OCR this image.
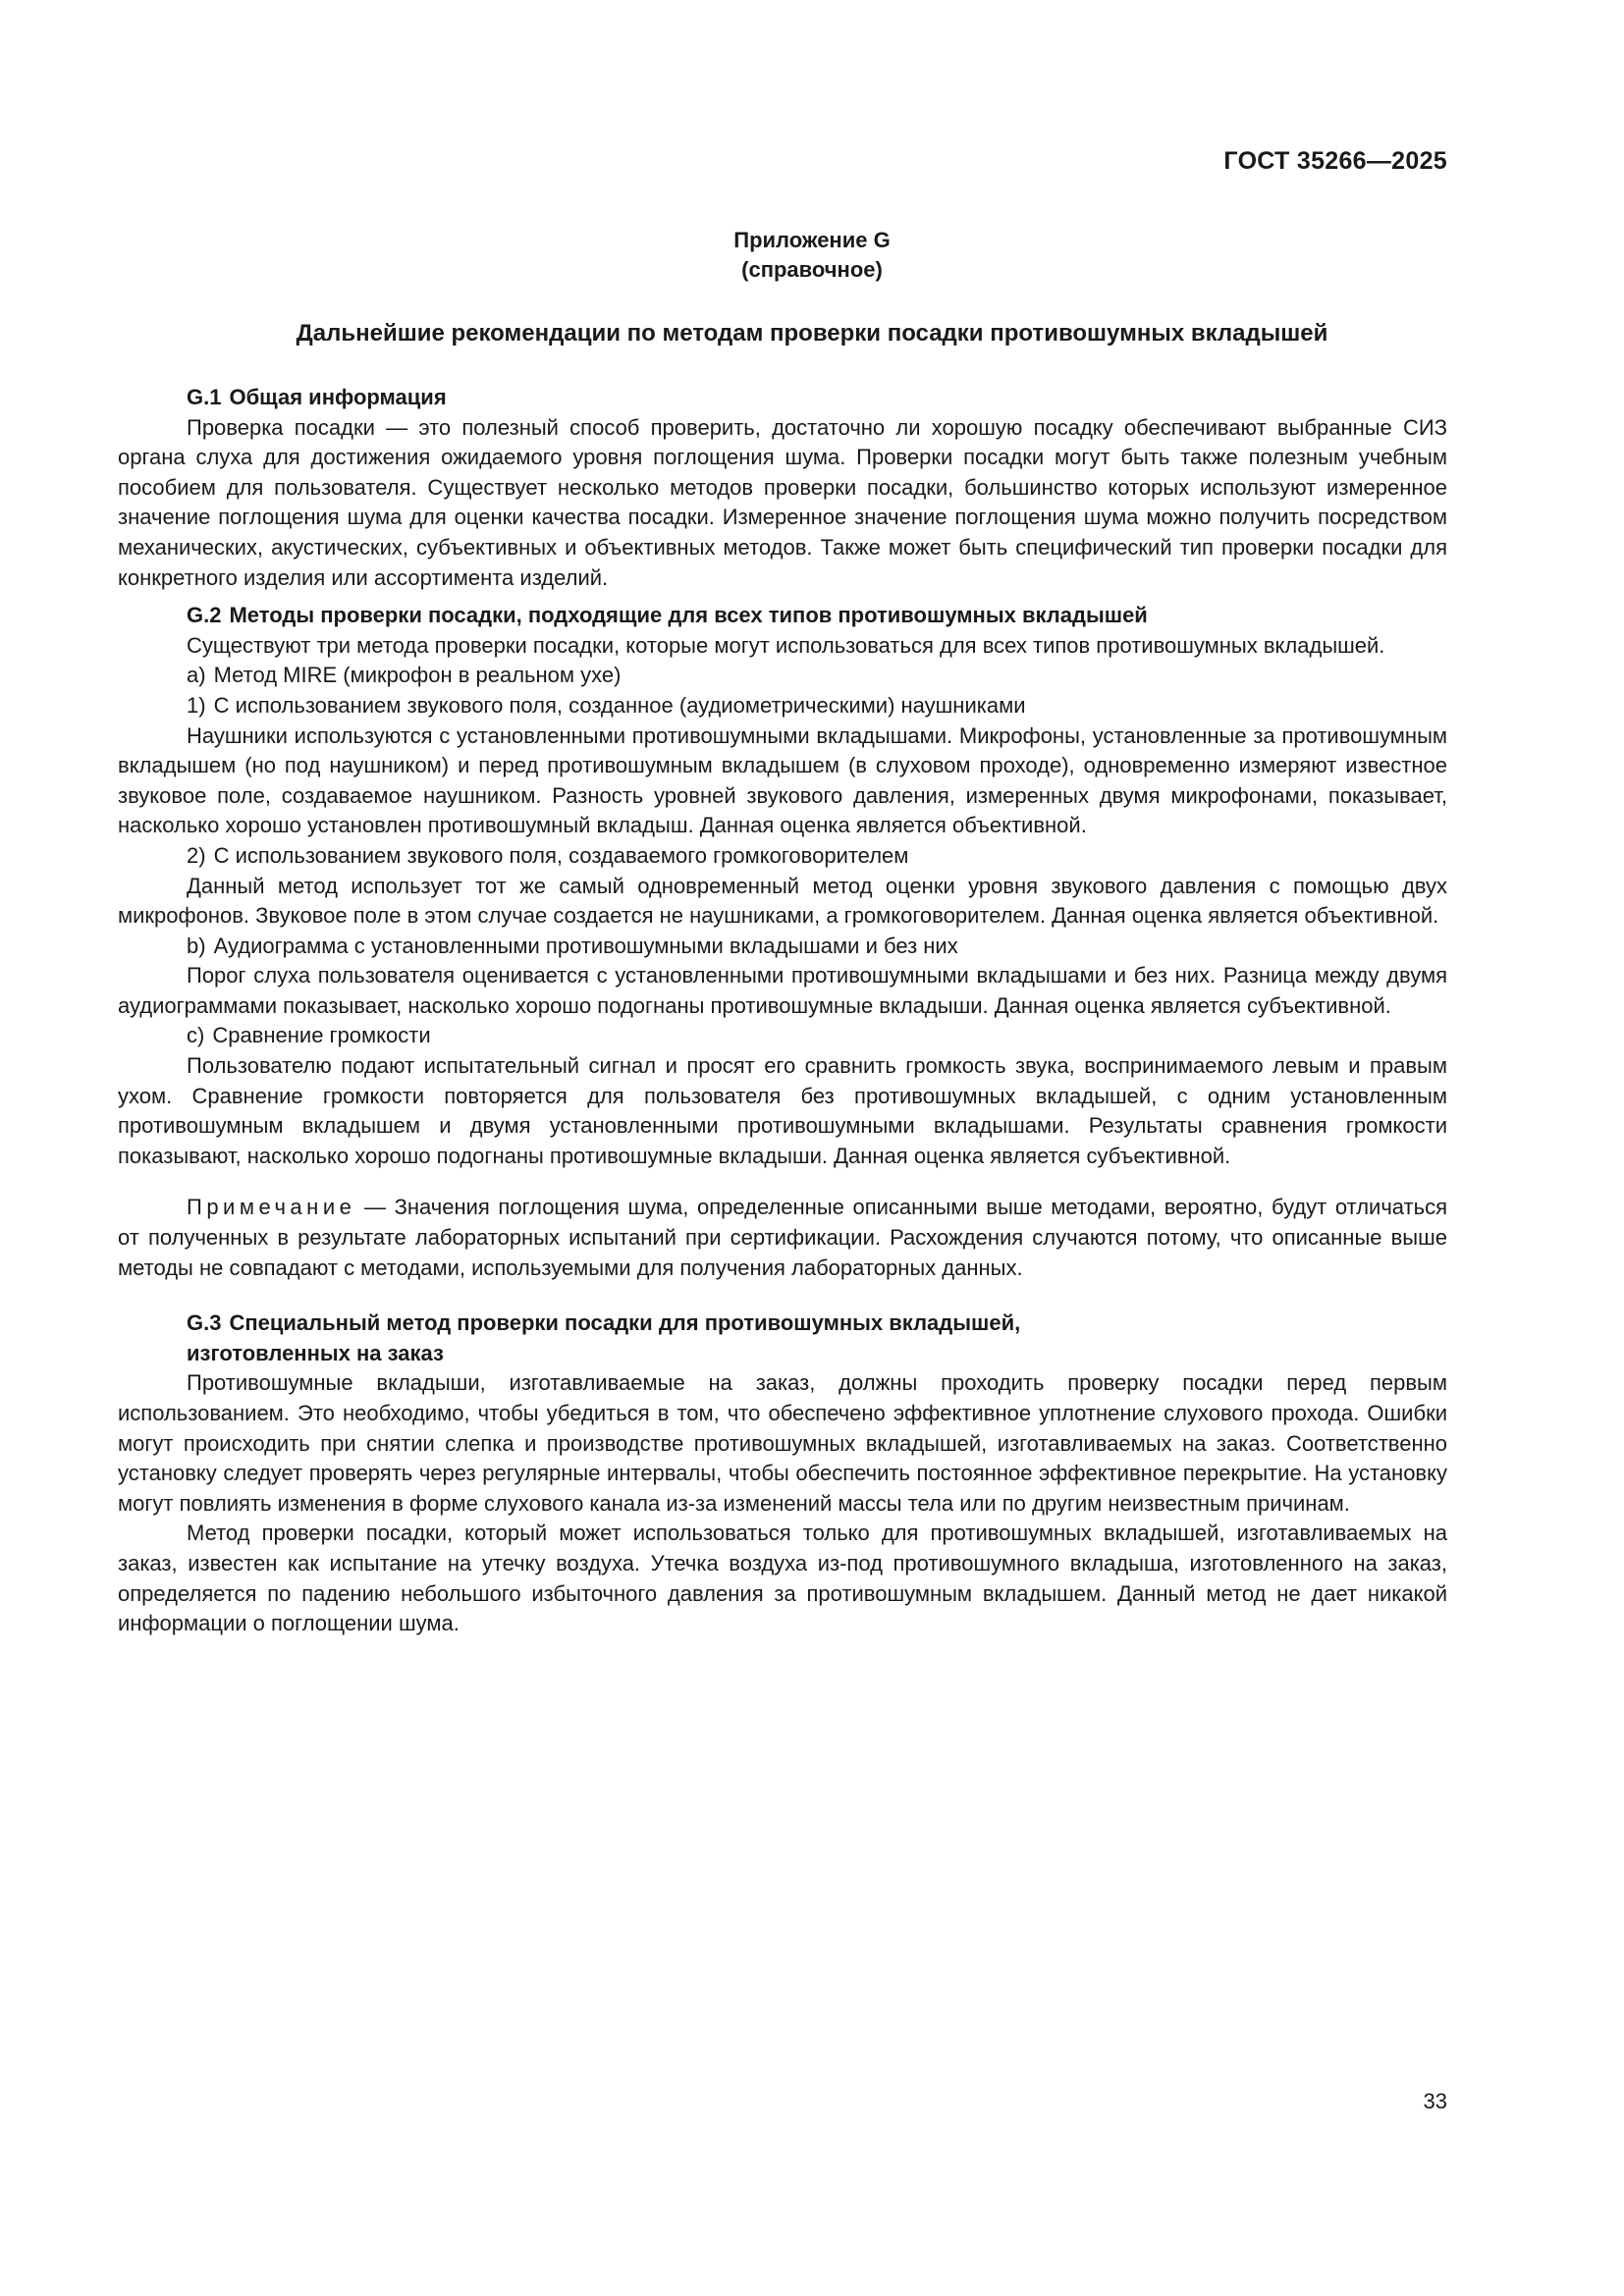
ГОСТ 35266—2025
Приложение G
(справочное)
Дальнейшие рекомендации по методам проверки посадки противошумных вкладышей
G.1 Общая информация

Проверка посадки — это полезный способ проверить, достаточно ли хорошую посадку обеспечивают выбранные СИЗ органа слуха для достижения ожидаемого уровня поглощения шума. Проверки посадки могут быть также полезным учебным пособием для пользователя. Существует несколько методов проверки посадки, большинство которых используют измеренное значение поглощения шума для оценки качества посадки. Измеренное значение поглощения шума можно получить посредством механических, акустических, субъективных и объективных методов. Также может быть специфический тип проверки посадки для конкретного изделия или ассортимента изделий.

G.2 Методы проверки посадки, подходящие для всех типов противошумных вкладышей

Существуют три метода проверки посадки, которые могут использоваться для всех типов противошумных вкладышей.

a) Метод MIRE (микрофон в реальном ухе)
1) С использованием звукового поля, созданное (аудиометрическими) наушниками

Наушники используются с установленными противошумными вкладышами. Микрофоны, установленные за противошумным вкладышем (но под наушником) и перед противошумным вкладышем (в слуховом проходе), одновременно измеряют известное звуковое поле, создаваемое наушником. Разность уровней звукового давления, измеренных двумя микрофонами, показывает, насколько хорошо установлен противошумный вкладыш. Данная оценка является объективной.

2) С использованием звукового поля, создаваемого громкоговорителем

Данный метод использует тот же самый одновременный метод оценки уровня звукового давления с помощью двух микрофонов. Звуковое поле в этом случае создается не наушниками, а громкоговорителем. Данная оценка является объективной.

b) Аудиограмма с установленными противошумными вкладышами и без них

Порог слуха пользователя оценивается с установленными противошумными вкладышами и без них. Разница между двумя аудиограммами показывает, насколько хорошо подогнаны противошумные вкладыши. Данная оценка является субъективной.

c) Сравнение громкости

Пользователю подают испытательный сигнал и просят его сравнить громкость звука, воспринимаемого левым и правым ухом. Сравнение громкости повторяется для пользователя без противошумных вкладышей, с одним установленным противошумным вкладышем и двумя установленными противошумными вкладышами. Результаты сравнения громкости показывают, насколько хорошо подогнаны противошумные вкладыши. Данная оценка является субъективной.

Примечание — Значения поглощения шума, определенные описанными выше методами, вероятно, будут отличаться от полученных в результате лабораторных испытаний при сертификации. Расхождения случаются потому, что описанные выше методы не совпадают с методами, используемыми для получения лабораторных данных.

G.3 Специальный метод проверки посадки для противошумных вкладышей,
изготовленных на заказ

Противошумные вкладыши, изготавливаемые на заказ, должны проходить проверку посадки перед первым использованием. Это необходимо, чтобы убедиться в том, что обеспечено эффективное уплотнение слухового прохода. Ошибки могут происходить при снятии слепка и производстве противошумных вкладышей, изготавливаемых на заказ. Соответственно установку следует проверять через регулярные интервалы, чтобы обеспечить постоянное эффективное перекрытие. На установку могут повлиять изменения в форме слухового канала из-за изменений массы тела или по другим неизвестным причинам.

Метод проверки посадки, который может использоваться только для противошумных вкладышей, изготавливаемых на заказ, известен как испытание на утечку воздуха. Утечка воздуха из-под противошумного вкладыша, изготовленного на заказ, определяется по падению небольшого избыточного давления за противошумным вкладышем. Данный метод не дает никакой информации о поглощении шума.

33
